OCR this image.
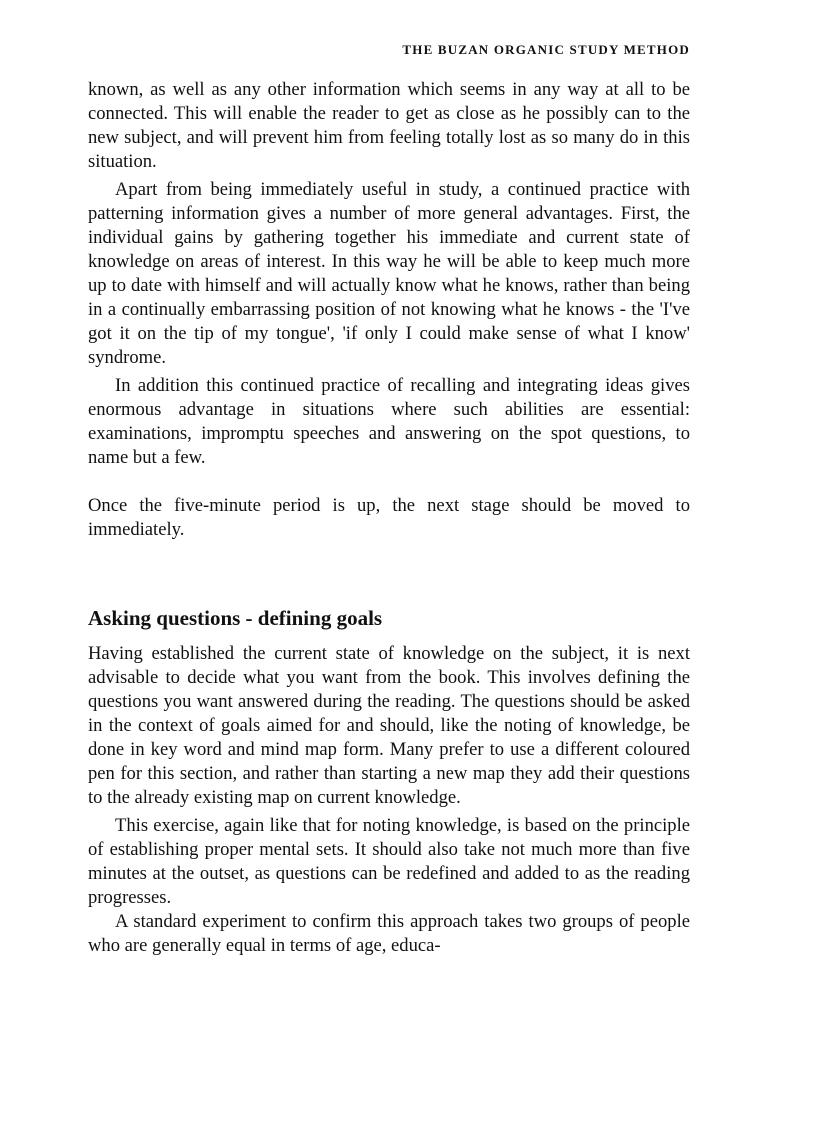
THE BUZAN ORGANIC STUDY METHOD

known, as well as any other information which seems in any way at all to be connected. This will enable the reader to get as close as he possibly can to the new subject, and will prevent him from feeling totally lost as so many do in this situation.

Apart from being immediately useful in study, a continued practice with patterning information gives a number of more general advantages. First, the individual gains by gathering together his immediate and current state of knowledge on areas of interest. In this way he will be able to keep much more up to date with himself and will actually know what he knows, rather than being in a continually embarrassing position of not knowing what he knows - the 'I've got it on the tip of my tongue', 'if only I could make sense of what I know' syndrome.

In addition this continued practice of recalling and integrating ideas gives enormous advantage in situations where such abilities are essential: examinations, impromptu speeches and answering on the spot questions, to name but a few.

Once the five-minute period is up, the next stage should be moved to immediately.

Asking questions - defining goals

Having established the current state of knowledge on the subject, it is next advisable to decide what you want from the book. This involves defining the questions you want answered during the reading. The questions should be asked in the context of goals aimed for and should, like the noting of knowledge, be done in key word and mind map form. Many prefer to use a different coloured pen for this section, and rather than starting a new map they add their questions to the already existing map on current knowledge.

This exercise, again like that for noting knowledge, is based on the principle of establishing proper mental sets. It should also take not much more than five minutes at the outset, as questions can be redefined and added to as the reading progresses.

A standard experiment to confirm this approach takes two groups of people who are generally equal in terms of age, educa-
